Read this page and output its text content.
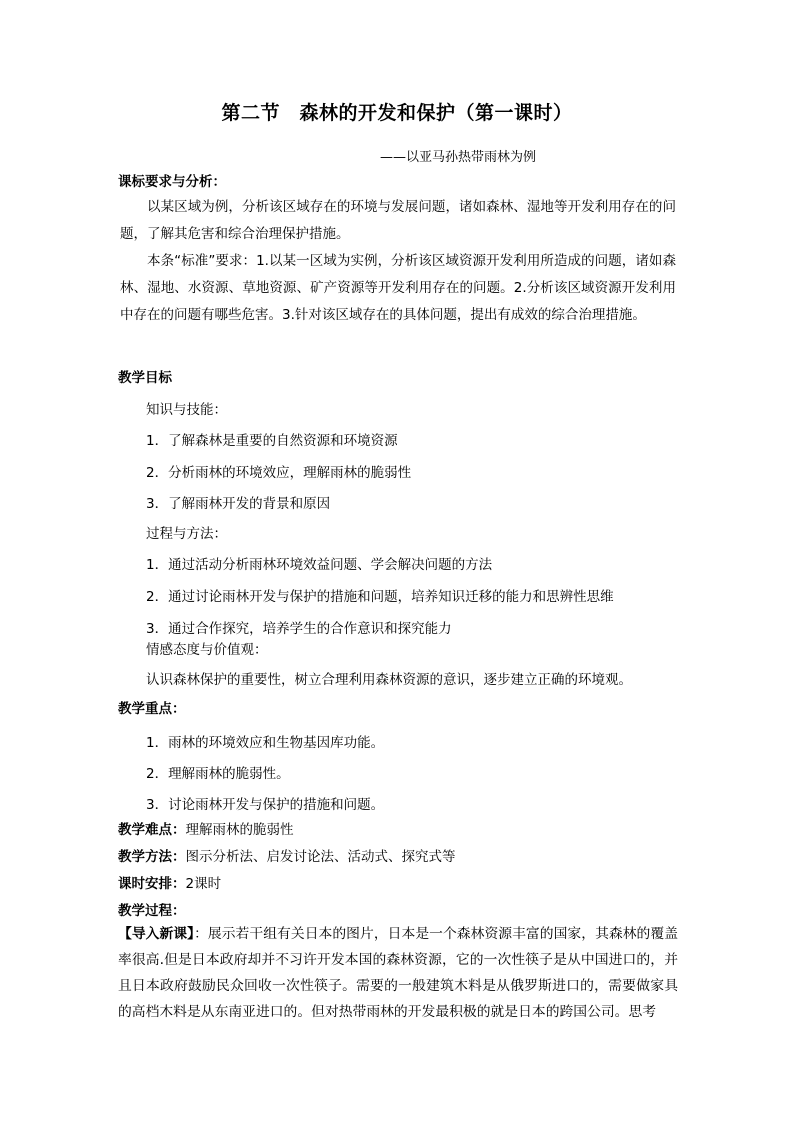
第二节　森林的开发和保护（第一课时）
——以亚马孙热带雨林为例
课标要求与分析：
以某区域为例，分析该区域存在的环境与发展问题，诸如森林、湿地等开发利用存在的问题，了解其危害和综合治理保护措施。
本条“标准”要求：1.以某一区域为实例，分析该区域资源开发利用所造成的问题，诸如森林、湿地、水资源、草地资源、矿产资源等开发利用存在的问题。2.分析该区域资源开发利用中存在的问题有哪些危害。3.针对该区域存在的具体问题，提出有成效的综合治理措施。
教学目标
知识与技能：
1．了解森林是重要的自然资源和环境资源
2．分析雨林的环境效应，理解雨林的脆弱性
3．了解雨林开发的背景和原因
过程与方法：
1．通过活动分析雨林环境效益问题、学会解决问题的方法
2．通过讨论雨林开发与保护的措施和问题，培养知识迁移的能力和思辨性思维
3．通过合作探究，培养学生的合作意识和探究能力
情感态度与价值观：
认识森林保护的重要性，树立合理利用森林资源的意识，逐步建立正确的环境观。
教学重点：
1．雨林的环境效应和生物基因库功能。
2．理解雨林的脆弱性。
3．讨论雨林开发与保护的措施和问题。
教学难点：理解雨林的脆弱性
教学方法：图示分析法、启发讨论法、活动式、探究式等
课时安排：2课时
教学过程：
【导入新课】：展示若干组有关日本的图片，日本是一个森林资源丰富的国家，其森林的覆盖率很高.但是日本政府却并不习许开发本国的森林资源，它的一次性筷子是从中国进口的，并且日本政府鼓励民众回收一次性筷子。需要的一般建筑木料是从俄罗斯进口的，需要做家具的高档木料是从东南亚进口的。但对热带雨林的开发最积极的就是日本的跨国公司。思考
